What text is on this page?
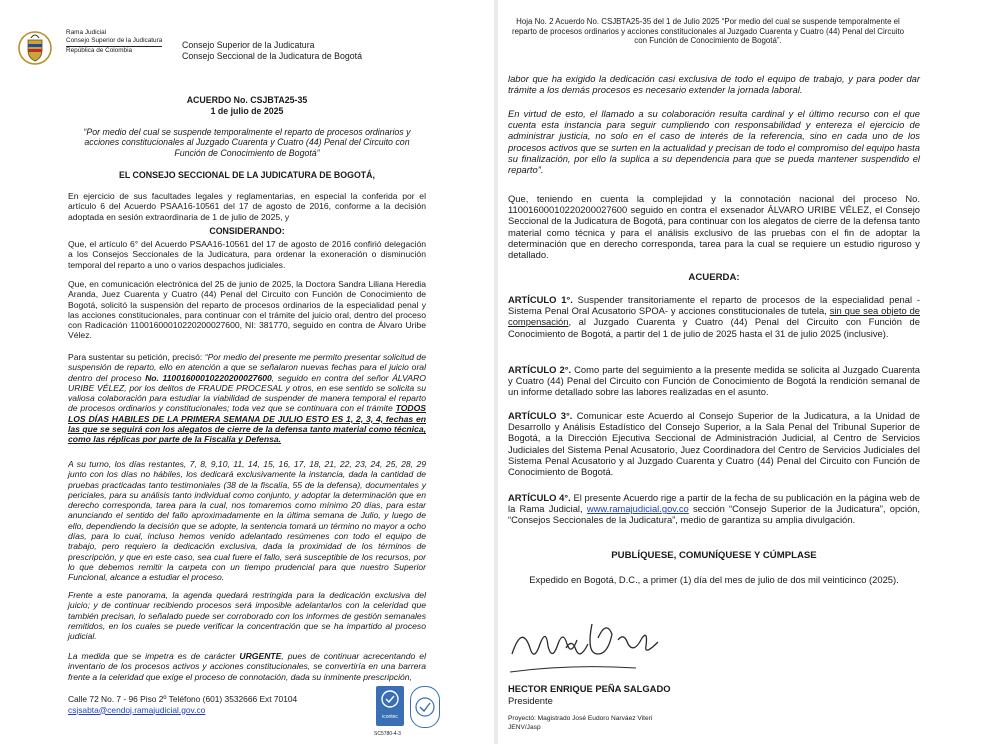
Rama Judicial
Consejo Superior de la Judicatura
República de Colombia
Consejo Superior de la Judicatura
Consejo Seccional de la Judicatura de Bogotá
ACUERDO No. CSJBTA25-35
1 de julio de 2025

“Por medio del cual se suspende temporalmente el reparto de procesos ordinarios y acciones constitucionales al Juzgado Cuarenta y Cuatro (44) Penal del Circuito con Función de Conocimiento de Bogotá”

EL CONSEJO SECCIONAL DE LA JUDICATURA DE BOGOTÁ,

En ejercicio de sus facultades legales y reglamentarias, en especial la conferida por el artículo 6 del Acuerdo PSAA16-10561 del 17 de agosto de 2016, conforme a la decisión adoptada en sesión extraordinaria de 1 de julio de 2025, y

CONSIDERANDO:

Que, el artículo 6° del Acuerdo PSAA16-10561 del 17 de agosto de 2016 confirió delegación a los Consejos Seccionales de la Judicatura, para ordenar la exoneración o disminución temporal del reparto a uno o varios despachos judiciales.

Que, en comunicación electrónica del 25 de junio de 2025, la Doctora Sandra Liliana Heredia Aranda, Juez Cuarenta y Cuatro (44) Penal del Circuito con Función de Conocimiento de Bogotá, solicitó la suspensión del reparto de procesos ordinarios de la especialidad penal y las acciones constitucionales, para continuar con el trámite del juicio oral, dentro del proceso con Radicación 11001600010220200027600, NI: 381770, seguido en contra de Álvaro Uribe Vélez.

Para sustentar su petición, precisó: “Por medio del presente me permito presentar solicitud de suspensión de reparto, ello en atención a que se señalaron nuevas fechas para el juicio oral dentro del proceso No. 11001600010220200027600, seguido en contra del señor ÁLVARO URIBE VÉLEZ, por los delitos de FRAUDE PROCESAL y otros, en ese sentido se solicita su valiosa colaboración para estudiar la viabilidad de suspender de manera temporal el reparto de procesos ordinarios y constitucionales; toda vez que se continuara con el trámite TODOS LOS DÍAS HABILES DE LA PRIMERA SEMANA DE JULIO ESTO ES 1, 2, 3, 4, fechas en las que se seguirá con los alegatos de cierre de la defensa tanto material como técnica, como las réplicas por parte de la Fiscalía y Defensa.

A su turno, los días restantes, 7, 8, 9,10, 11, 14, 15, 16, 17, 18, 21, 22, 23, 24, 25, 28, 29 junto con los días no hábiles, los dedicará exclusivamente la instancia, dada la cantidad de pruebas practicadas tanto testimoniales (38 de la fiscalía, 55 de la defensa), documentales y periciales, para su análisis tanto individual como conjunto, y adoptar la determinación que en derecho corresponda, tarea para la cual, nos tomaremos como mínimo 20 días, para estar anunciando el sentido del fallo aproximadamente en la última semana de Julio, y luego de ello, dependiendo la decisión que se adopte, la sentencia tomará un término no mayor a ocho días, para lo cual, incluso hemos venido adelantado resúmenes con todo el equipo de trabajo, pero requiero la dedicación exclusiva, dada la proximidad de los términos de prescripción, y que en este caso, sea cual fuere el fallo, será susceptible de los recursos, por lo que debemos remitir la carpeta con un tiempo prudencial para que nuestro Superior Funcional, alcance a estudiar el proceso.

Frente a este panorama, la agenda quedará restringida para la dedicación exclusiva del juicio; y de continuar recibiendo procesos será imposible adelantarlos con la celeridad que también precisan, lo señalado puede ser corroborado con los informes de gestión semanales remitidos, en los cuales se puede verificar la concentración que se ha impartido al proceso judicial.

La medida que se impetra es de carácter URGENTE, pues de continuar acrecentando el inventario de los procesos activos y acciones constitucionales, se convertiría en una barrera frente a la celeridad que exige el proceso de connotación, dada su inminente prescripción,

Calle 72 No. 7 - 96 Piso 2º Teléfono (601) 3532666 Ext 70104
csjsabta@cendoj.ramajudicial.gov.co
icontec
SC5780-4-3

Hoja No. 2 Acuerdo No. CSJBTA25-35 del 1 de Julio 2025 “Por medio del cual se suspende temporalmente el reparto de procesos ordinarios y acciones constitucionales al Juzgado Cuarenta y Cuatro (44) Penal del Circuito con Función de Conocimiento de Bogotá”.

labor que ha exigido la dedicación casi exclusiva de todo el equipo de trabajo, y para poder dar trámite a los demás procesos es necesario extender la jornada laboral.

En virtud de esto, el llamado a su colaboración resulta cardinal y el último recurso con el que cuenta esta instancia para seguir cumpliendo con responsabilidad y entereza el ejercicio de administrar justicia, no solo en el caso de interés de la referencia, sino en cada uno de los procesos activos que se surten en la actualidad y precisan de todo el compromiso del equipo hasta su finalización, por ello la suplica a su dependencia para que se pueda mantener suspendido el reparto”.

Que, teniendo en cuenta la complejidad y la connotación nacional del proceso No. 11001600010220200027600 seguido en contra el exsenador ÁLVARO URIBE VÉLEZ, el Consejo Seccional de la Judicatura de Bogotá, para continuar con los alegatos de cierre de la defensa tanto material como técnica y para el análisis exclusivo de las pruebas con el fin de adoptar la determinación que en derecho corresponda, tarea para la cual se requiere un estudio riguroso y detallado.

ACUERDA:

ARTÍCULO 1°. Suspender transitoriamente el reparto de procesos de la especialidad penal -Sistema Penal Oral Acusatorio SPOA- y acciones constitucionales de tutela, sin que sea objeto de compensación, al Juzgado Cuarenta y Cuatro (44) Penal del Circuito con Función de Conocimiento de Bogotá, a partir del 1 de julio de 2025 hasta el 31 de julio 2025 (inclusive).

ARTÍCULO 2°. Como parte del seguimiento a la presente medida se solicita al Juzgado Cuarenta y Cuatro (44) Penal del Circuito con Función de Conocimiento de Bogotá la rendición semanal de un informe detallado sobre las labores realizadas en el asunto.

ARTÍCULO 3°. Comunicar este Acuerdo al Consejo Superior de la Judicatura, a la Unidad de Desarrollo y Análisis Estadístico del Consejo Superior, a la Sala Penal del Tribunal Superior de Bogotá, a la Dirección Ejecutiva Seccional de Administración Judicial, al Centro de Servicios Judiciales del Sistema Penal Acusatorio, Juez Coordinadora del Centro de Servicios Judiciales del Sistema Penal Acusatorio y al Juzgado Cuarenta y Cuatro (44) Penal del Circuito con Función de Conocimiento de Bogotá.

ARTÍCULO 4°. El presente Acuerdo rige a partir de la fecha de su publicación en la página web de la Rama Judicial, www.ramajudicial.gov.co sección “Consejo Superior de la Judicatura”, opción, “Consejos Seccionales de la Judicatura”, medio de garantiza su amplia divulgación.

PUBLÍQUESE, COMUNÍQUESE Y CÚMPLASE

Expedido en Bogotá, D.C., a primer (1) día del mes de julio de dos mil veinticinco (2025).

HECTOR ENRIQUE PEÑA SALGADO

Presidente

Proyectó: Magistrado José Eudoro Narváez Viteri

JENV/Jasp
